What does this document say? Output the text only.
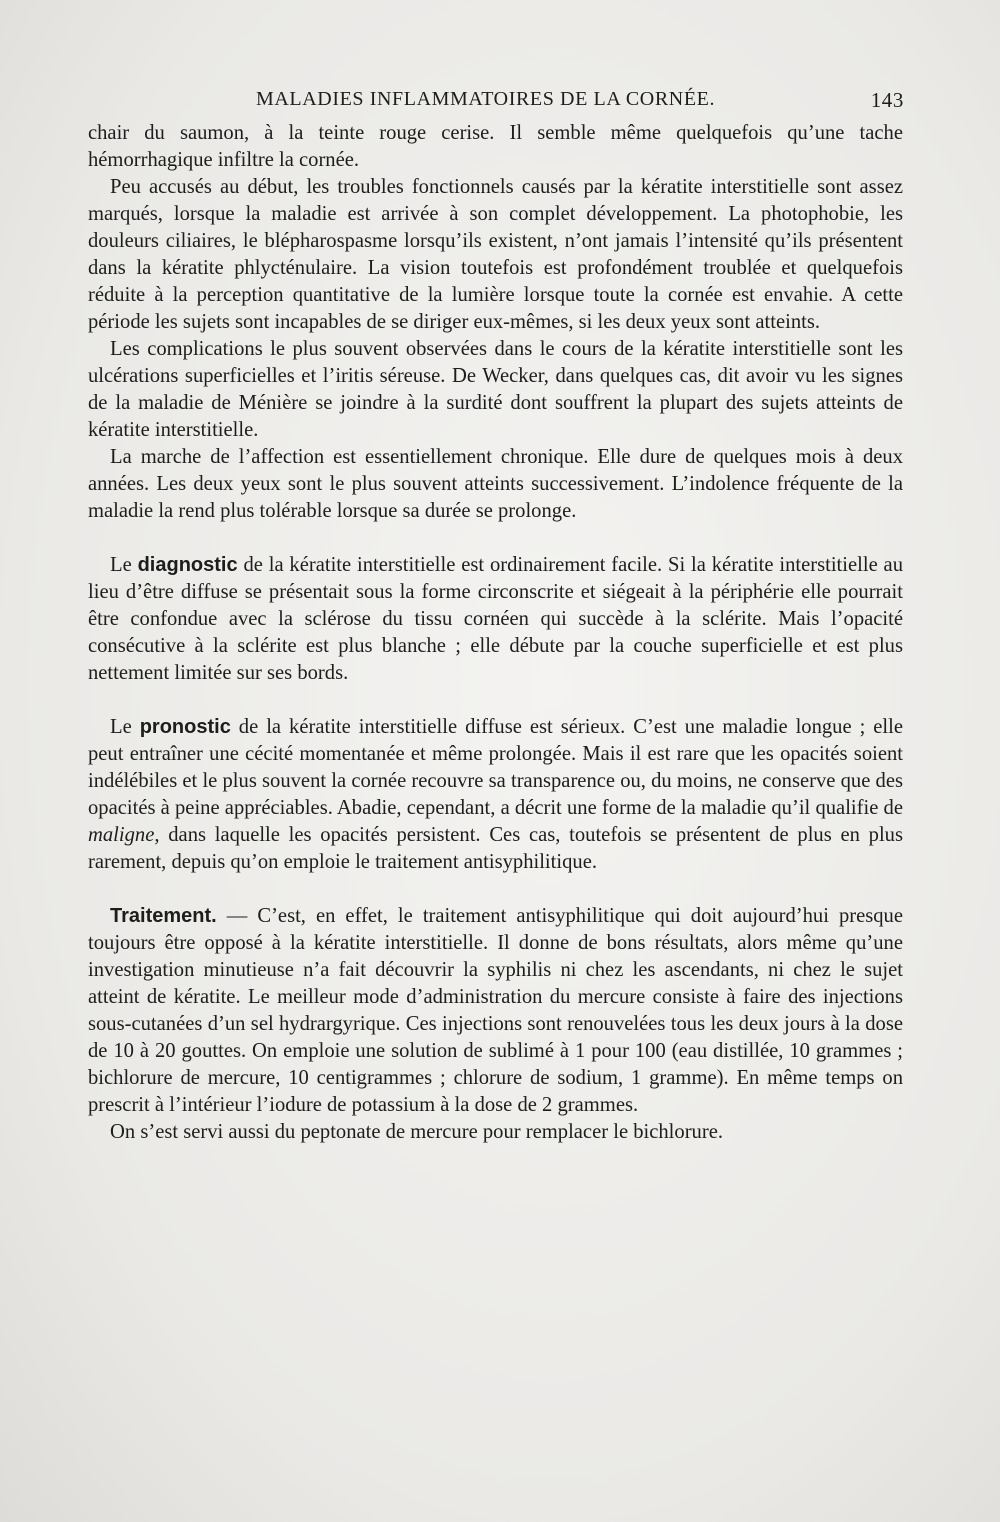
MALADIES INFLAMMATOIRES DE LA CORNÉE.	143

chair du saumon, à la teinte rouge cerise. Il semble même quelquefois qu’une tache hémorrhagique infiltre la cornée.

Peu accusés au début, les troubles fonctionnels causés par la kératite interstitielle sont assez marqués, lorsque la maladie est arrivée à son complet développement. La photophobie, les douleurs ciliaires, le blépharospasme lorsqu’ils existent, n’ont jamais l’intensité qu’ils présentent dans la kératite phlycténulaire. La vision toutefois est profondément troublée et quelquefois réduite à la perception quantitative de la lumière lorsque toute la cornée est envahie. A cette période les sujets sont incapables de se diriger eux-mêmes, si les deux yeux sont atteints.

Les complications le plus souvent observées dans le cours de la kératite interstitielle sont les ulcérations superficielles et l’iritis séreuse. De Wecker, dans quelques cas, dit avoir vu les signes de la maladie de Ménière se joindre à la surdité dont souffrent la plupart des sujets atteints de kératite interstitielle.

La marche de l’affection est essentiellement chronique. Elle dure de quelques mois à deux années. Les deux yeux sont le plus souvent atteints successivement. L’indolence fréquente de la maladie la rend plus tolérable lorsque sa durée se prolonge.

Le diagnostic de la kératite interstitielle est ordinairement facile. Si la kératite interstitielle au lieu d’être diffuse se présentait sous la forme circonscrite et siégeait à la périphérie elle pourrait être confondue avec la sclérose du tissu cornéen qui succède à la sclérite. Mais l’opacité consécutive à la sclérite est plus blanche ; elle débute par la couche superficielle et est plus nettement limitée sur ses bords.

Le pronostic de la kératite interstitielle diffuse est sérieux. C’est une maladie longue ; elle peut entraîner une cécité momentanée et même prolongée. Mais il est rare que les opacités soient indélébiles et le plus souvent la cornée recouvre sa transparence ou, du moins, ne conserve que des opacités à peine appréciables. Abadie, cependant, a décrit une forme de la maladie qu’il qualifie de maligne, dans laquelle les opacités persistent. Ces cas, toutefois se présentent de plus en plus rarement, depuis qu’on emploie le traitement antisyphilitique.

Traitement. — C’est, en effet, le traitement antisyphilitique qui doit aujourd’hui presque toujours être opposé à la kératite interstitielle. Il donne de bons résultats, alors même qu’une investigation minutieuse n’a fait découvrir la syphilis ni chez les ascendants, ni chez le sujet atteint de kératite. Le meilleur mode d’administration du mercure consiste à faire des injections sous-cutanées d’un sel hydrargyrique. Ces injections sont renouvelées tous les deux jours à la dose de 10 à 20 gouttes. On emploie une solution de sublimé à 1 pour 100 (eau distillée, 10 grammes ; bichlorure de mercure, 10 centigrammes ; chlorure de sodium, 1 gramme). En même temps on prescrit à l’intérieur l’iodure de potassium à la dose de 2 grammes.

On s’est servi aussi du peptonate de mercure pour remplacer le bichlorure.
